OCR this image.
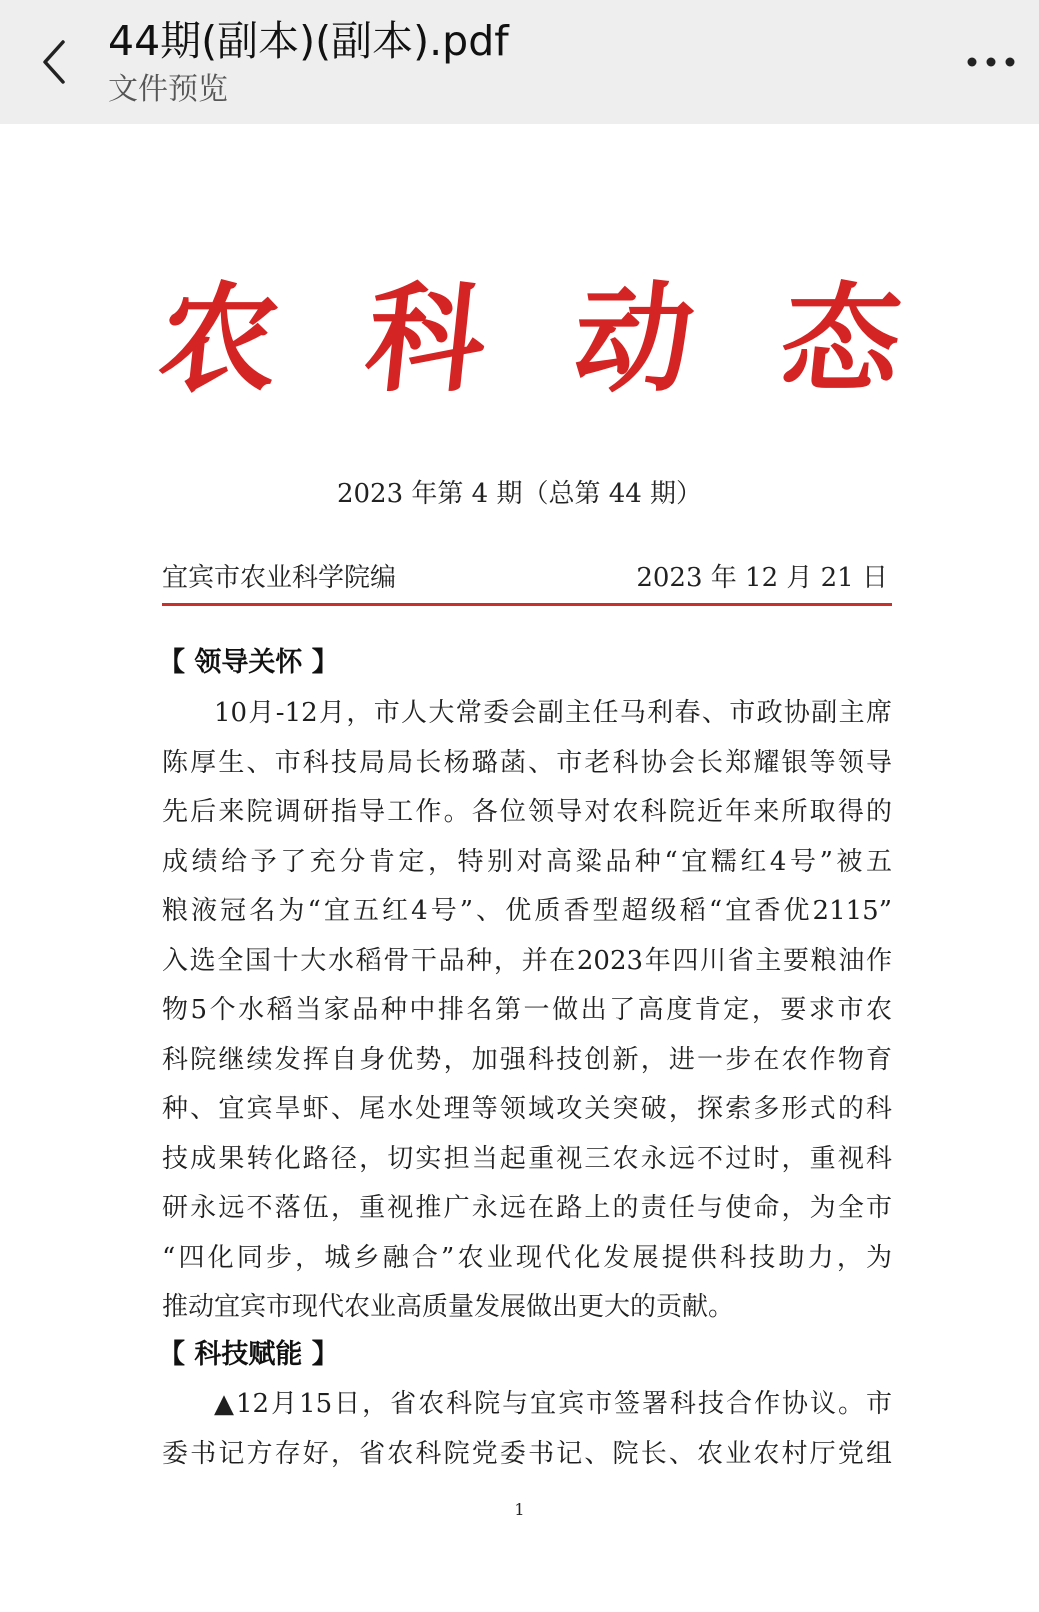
44期(副本)(副本).pdf
文件预览
农 科 动 态
2023 年第 4 期（总第 44 期）
宜宾市农业科学院编	2023 年 12 月 21 日
【 领导关怀 】
10月-12月，市人大常委会副主任马利春、市政协副主席
陈厚生、市科技局局长杨璐菡、市老科协会长郑耀银等领导
先后来院调研指导工作。各位领导对农科院近年来所取得的
成绩给予了充分肯定，特别对高粱品种“宜糯红4号”被五
粮液冠名为“宜五红4号”、优质香型超级稻“宜香优2115”
入选全国十大水稻骨干品种，并在2023年四川省主要粮油作
物5个水稻当家品种中排名第一做出了高度肯定，要求市农
科院继续发挥自身优势，加强科技创新，进一步在农作物育
种、宜宾旱虾、尾水处理等领域攻关突破，探索多形式的科
技成果转化路径，切实担当起重视三农永远不过时，重视科
研永远不落伍，重视推广永远在路上的责任与使命，为全市
“四化同步，城乡融合”农业现代化发展提供科技助力，为
推动宜宾市现代农业高质量发展做出更大的贡献。
【 科技赋能 】
▲12月15日，省农科院与宜宾市签署科技合作协议。市
委书记方存好，省农科院党委书记、院长、农业农村厅党组
1
